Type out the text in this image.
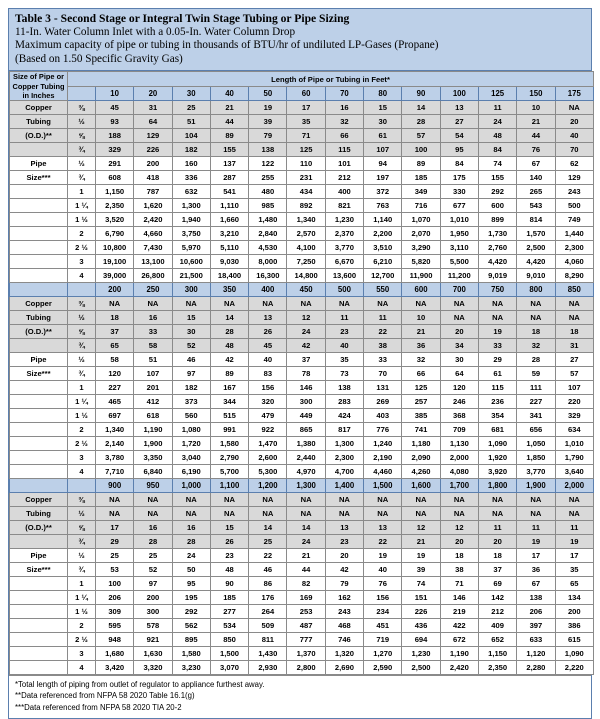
Table 3 - Second Stage or Integral Twin Stage Tubing or Pipe Sizing
11-In. Water Column Inlet with a 0.05-In. Water Column Drop
Maximum capacity of pipe or tubing in thousands of BTU/hr of undiluted LP-Gases (Propane)
(Based on 1.50 Specific Gravity Gas)
Size of Pipe or
Copper Tubing
in Inches	Length of Pipe or Tubing in Feet*													
		10	20	30	40	50	60	70	80	90	100	125	150	175
Copper	⅜	45	31	25	21	19	17	16	15	14	13	11	10	NA
Tubing	½	93	64	51	44	39	35	32	30	28	27	24	21	20
(O.D.)**	⅝	188	129	104	89	79	71	66	61	57	54	48	44	40
	¾	329	226	182	155	138	125	115	107	100	95	84	76	70
Pipe	½	291	200	160	137	122	110	101	94	89	84	74	67	62
Size***	¾	608	418	336	287	255	231	212	197	185	175	155	140	129
	1	1,150	787	632	541	480	434	400	372	349	330	292	265	243
	1 ¼	2,350	1,620	1,300	1,110	985	892	821	763	716	677	600	543	500
	1 ½	3,520	2,420	1,940	1,660	1,480	1,340	1,230	1,140	1,070	1,010	899	814	749
	2	6,790	4,660	3,750	3,210	2,840	2,570	2,370	2,200	2,070	1,950	1,730	1,570	1,440
	2 ½	10,800	7,430	5,970	5,110	4,530	4,100	3,770	3,510	3,290	3,110	2,760	2,500	2,300
	3	19,100	13,100	10,600	9,030	8,000	7,250	6,670	6,210	5,820	5,500	4,420	4,420	4,060
	4	39,000	26,800	21,500	18,400	16,300	14,800	13,600	12,700	11,900	11,200	9,019	9,010	8,290
		200	250	300	350	400	450	500	550	600	700	750	800	850
Copper	⅜	NA	NA	NA	NA	NA	NA	NA	NA	NA	NA	NA	NA	NA
Tubing	½	18	16	15	14	13	12	11	11	10	NA	NA	NA	NA
(O.D.)**	⅝	37	33	30	28	26	24	23	22	21	20	19	18	18
	¾	65	58	52	48	45	42	40	38	36	34	33	32	31
Pipe	½	58	51	46	42	40	37	35	33	32	30	29	28	27
Size***	¾	120	107	97	89	83	78	73	70	66	64	61	59	57
	1	227	201	182	167	156	146	138	131	125	120	115	111	107
	1 ¼	465	412	373	344	320	300	283	269	257	246	236	227	220
	1 ½	697	618	560	515	479	449	424	403	385	368	354	341	329
	2	1,340	1,190	1,080	991	922	865	817	776	741	709	681	656	634
	2 ½	2,140	1,900	1,720	1,580	1,470	1,380	1,300	1,240	1,180	1,130	1,090	1,050	1,010
	3	3,780	3,350	3,040	2,790	2,600	2,440	2,300	2,190	2,090	2,000	1,920	1,850	1,790
	4	7,710	6,840	6,190	5,700	5,300	4,970	4,700	4,460	4,260	4,080	3,920	3,770	3,640
		900	950	1,000	1,100	1,200	1,300	1,400	1,500	1,600	1,700	1,800	1,900	2,000
Copper	⅜	NA	NA	NA	NA	NA	NA	NA	NA	NA	NA	NA	NA	NA
Tubing	½	NA	NA	NA	NA	NA	NA	NA	NA	NA	NA	NA	NA	NA
(O.D.)**	⅝	17	16	16	15	14	14	13	13	12	12	11	11	11
	¾	29	28	28	26	25	24	23	22	21	20	20	19	19
Pipe	½	25	25	24	23	22	21	20	19	19	18	18	17	17
Size***	¾	53	52	50	48	46	44	42	40	39	38	37	36	35
	1	100	97	95	90	86	82	79	76	74	71	69	67	65
	1 ¼	206	200	195	185	176	169	162	156	151	146	142	138	134
	1 ½	309	300	292	277	264	253	243	234	226	219	212	206	200
	2	595	578	562	534	509	487	468	451	436	422	409	397	386
	2 ½	948	921	895	850	811	777	746	719	694	672	652	633	615
	3	1,680	1,630	1,580	1,500	1,430	1,370	1,320	1,270	1,230	1,190	1,150	1,120	1,090
	4	3,420	3,320	3,230	3,070	2,930	2,800	2,690	2,590	2,500	2,420	2,350	2,280	2,220
*Total length of piping from outlet of regulator to appliance furthest away.
**Data referenced from NFPA 58 2020 Table 16.1(g)
***Data referenced from NFPA 58 2020 TIA 20-2
